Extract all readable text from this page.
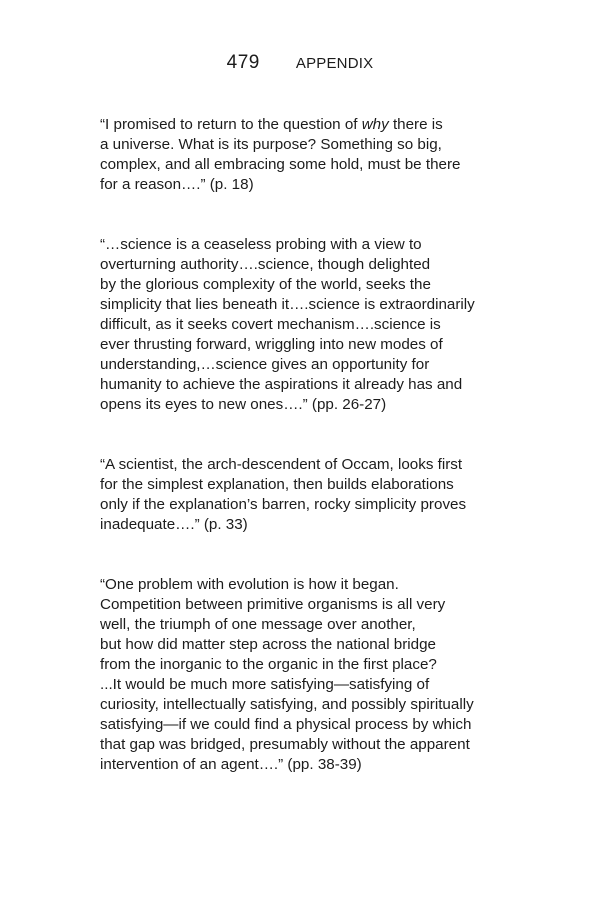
479 APPENDIX

“I promised to return to the question of why there is
a universe. What is its purpose? Something so big,
complex, and all embracing some hold, must be there
for a reason….” (p. 18)

“…science is a ceaseless probing with a view to
overturning authority….science, though delighted
by the glorious complexity of the world, seeks the
simplicity that lies beneath it….science is extraordinarily
difficult, as it seeks covert mechanism….science is
ever thrusting forward, wriggling into new modes of
understanding,…science gives an opportunity for
humanity to achieve the aspirations it already has and
opens its eyes to new ones….” (pp. 26-27)

“A scientist, the arch-descendent of Occam, looks first
for the simplest explanation, then builds elaborations
only if the explanation’s barren, rocky simplicity proves
inadequate….” (p. 33)

“One problem with evolution is how it began.
Competition between primitive organisms is all very
well, the triumph of one message over another,
but how did matter step across the national bridge
from the inorganic to the organic in the first place?
...It would be much more satisfying—satisfying of
curiosity, intellectually satisfying, and possibly spiritually
satisfying—if we could find a physical process by which
that gap was bridged, presumably without the apparent
intervention of an agent….” (pp. 38-39)
